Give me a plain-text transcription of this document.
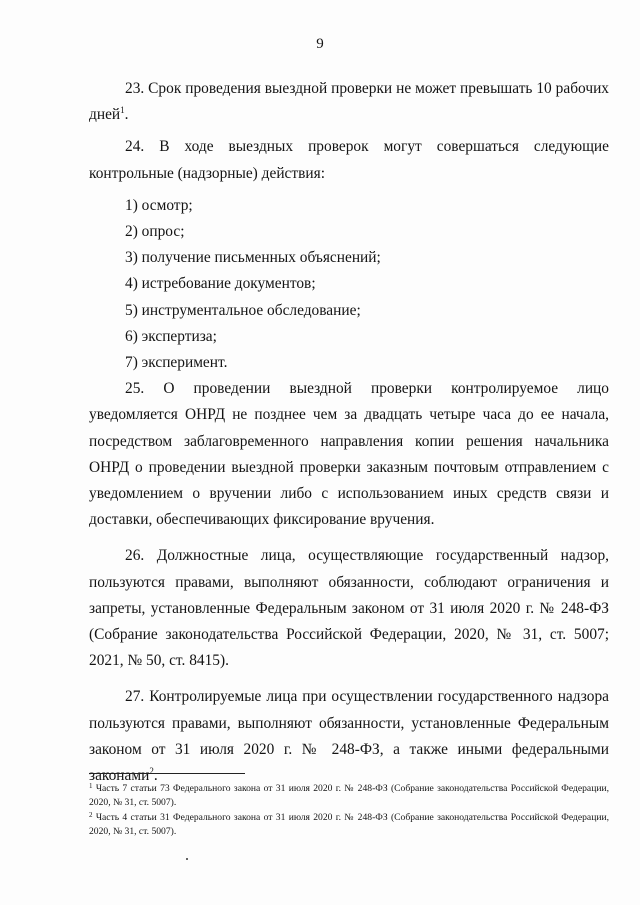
9

23. Срок проведения выездной проверки не может превышать 10 рабочих дней$^1$.

24. В ходе выездных проверок могут совершаться следующие контрольные (надзорные) действия:

1) осмотр;

2) опрос;

3) получение письменных объяснений;

4) истребование документов;

5) инструментальное обследование;

6) экспертиза;

7) эксперимент.

25. О проведении выездной проверки контролируемое лицо уведомляется ОНРД не позднее чем за двадцать четыре часа до ее начала, посредством заблаговременного направления копии решения начальника ОНРД о проведении выездной проверки заказным почтовым отправлением с уведомлением о вручении либо с использованием иных средств связи и доставки, обеспечивающих фиксирование вручения.

26. Должностные лица, осуществляющие государственный надзор, пользуются правами, выполняют обязанности, соблюдают ограничения и запреты, установленные Федеральным законом от 31 июля 2020 г. № 248-ФЗ (Собрание законодательства Российской Федерации, 2020, № 31, ст. 5007; 2021, № 50, ст. 8415).

27. Контролируемые лица при осуществлении государственного надзора пользуются правами, выполняют обязанности, установленные Федеральным законом от 31 июля 2020 г. № 248-ФЗ, а также иными федеральными законами$^2$.

$^1$ Часть 7 статьи 73 Федерального закона от 31 июля 2020 г. № 248-ФЗ (Собрание законодательства Российской Федерации, 2020, № 31, ст. 5007).

$^2$ Часть 4 статьи 31 Федерального закона от 31 июля 2020 г. № 248-ФЗ (Собрание законодательства Российской Федерации, 2020, № 31, ст. 5007).
